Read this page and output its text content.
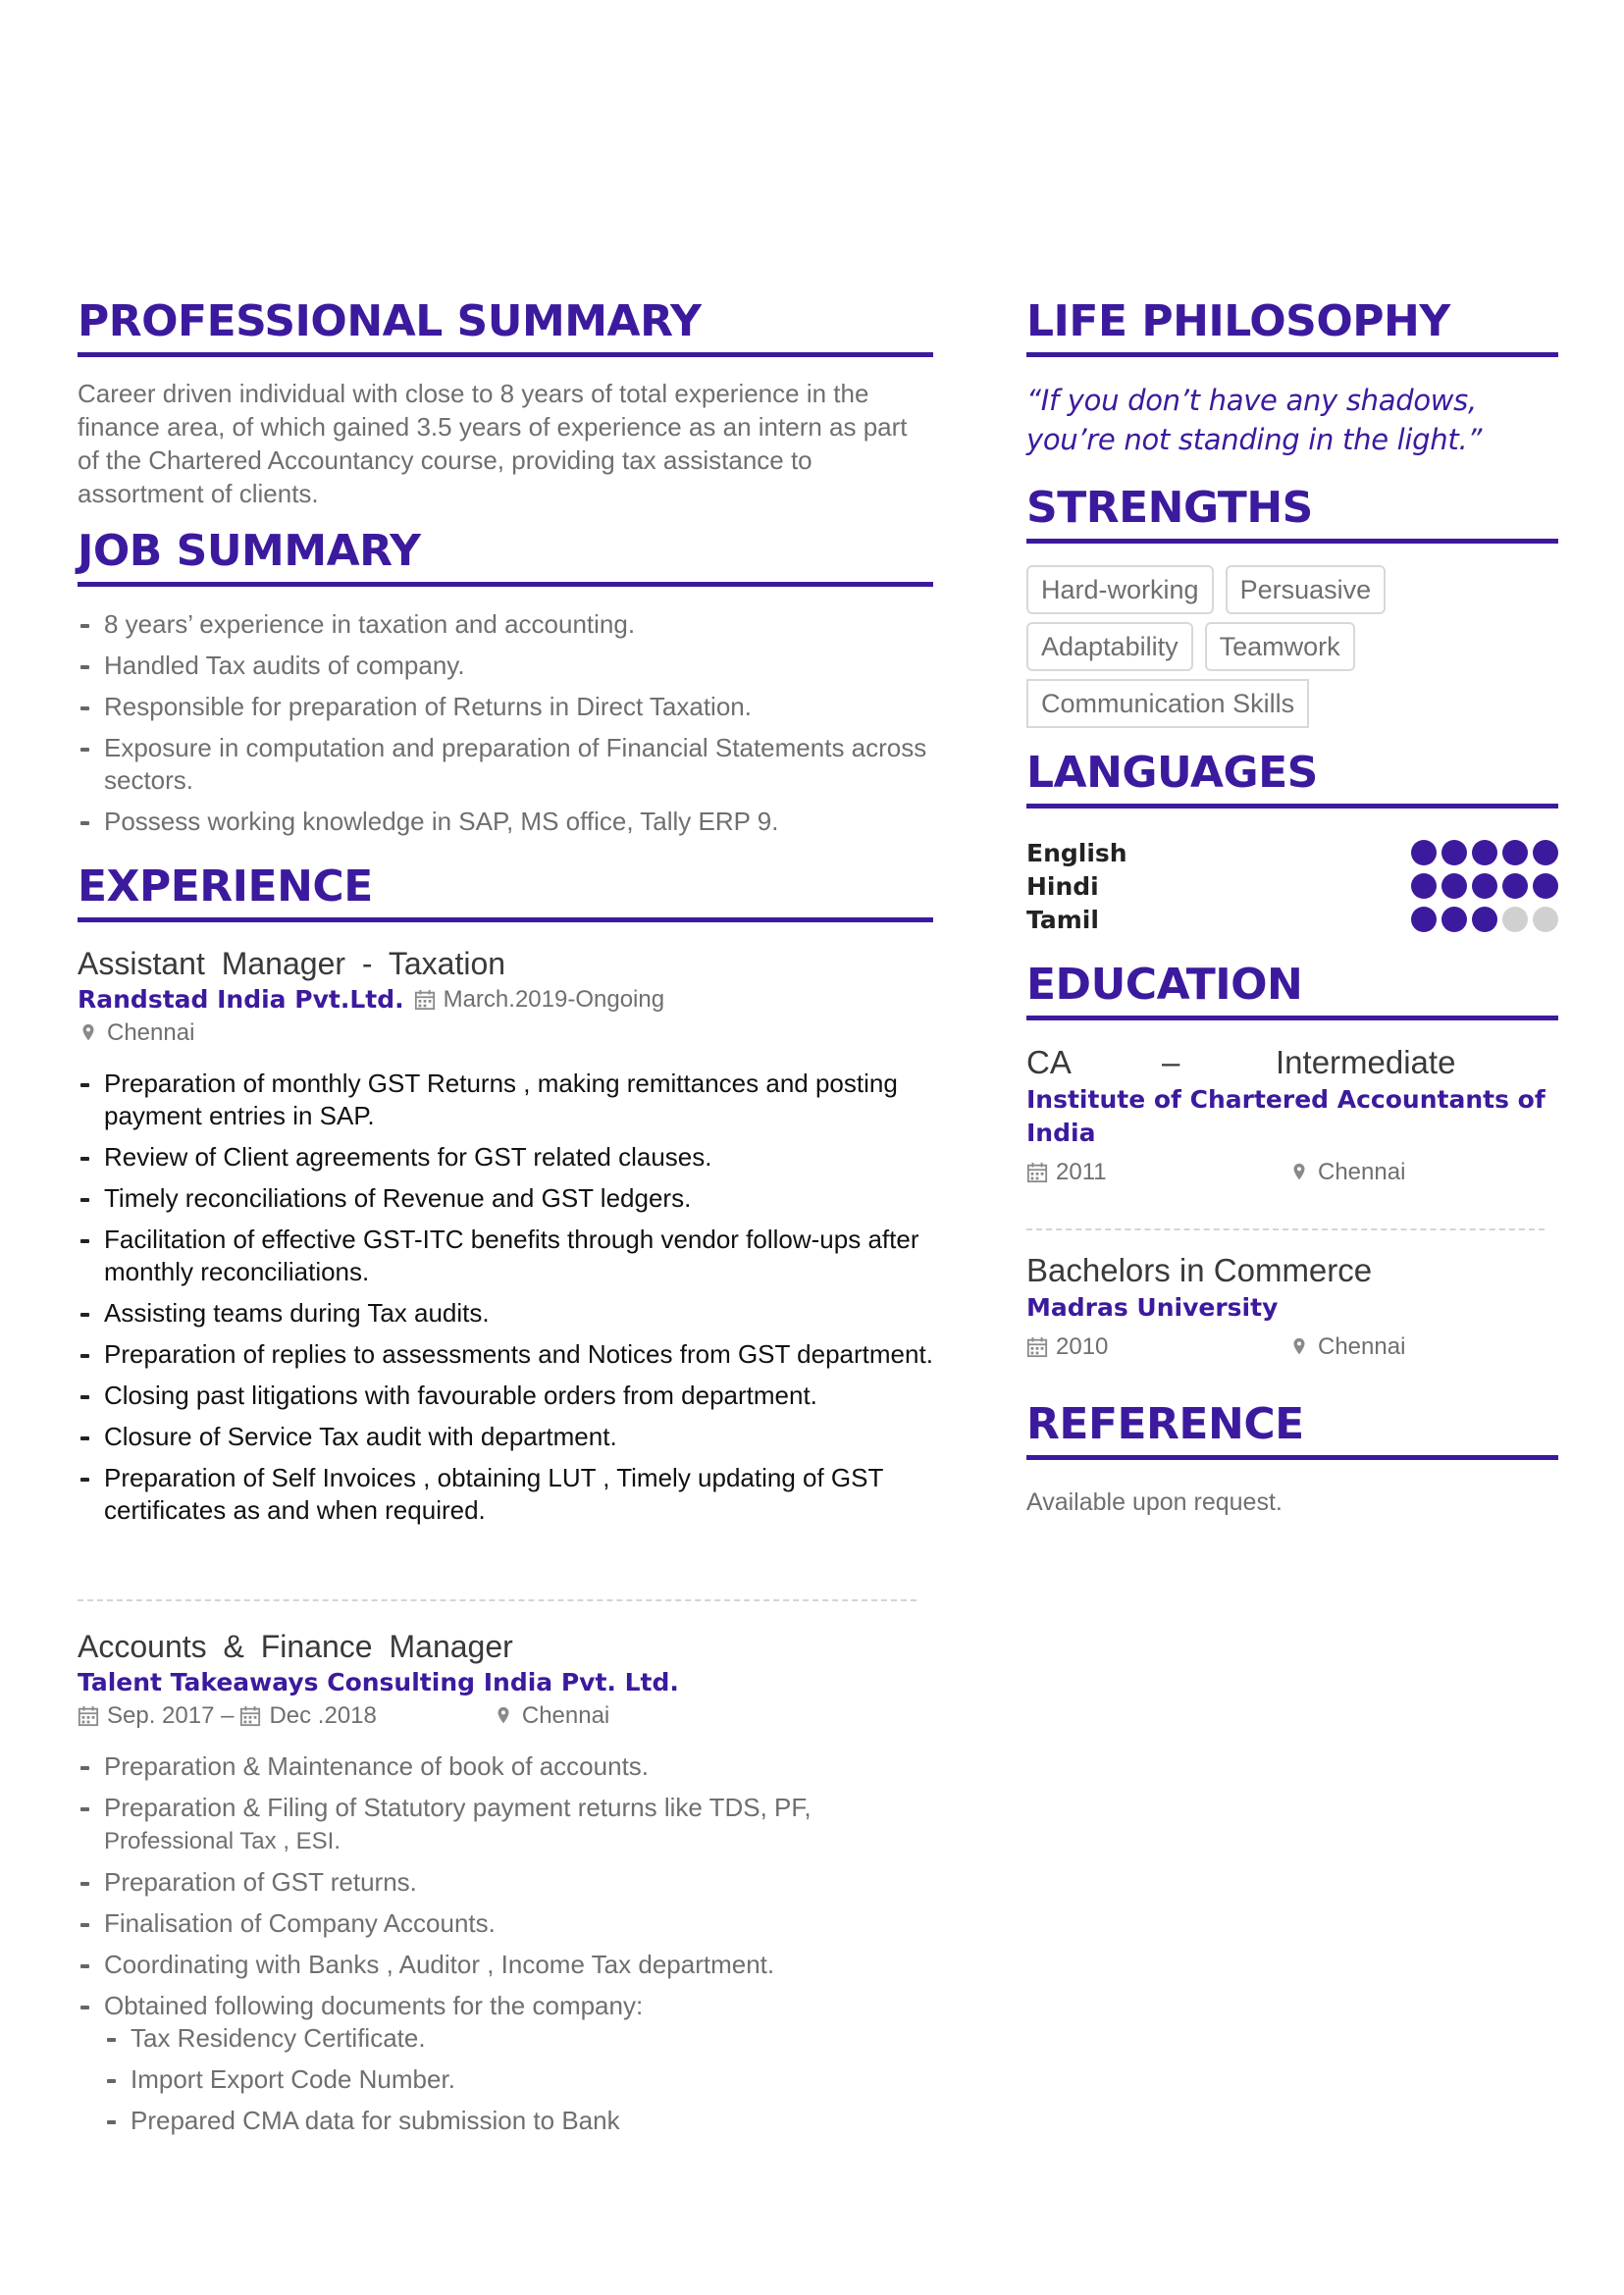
PROFESSIONAL SUMMARY
Career driven individual with close to 8 years of total experience in the finance area, of which gained 3.5 years of experience as an intern as part of the Chartered Accountancy course, providing tax assistance to assortment of clients.
JOB SUMMARY
8 years’ experience in taxation and accounting.
Handled Tax audits of company.
Responsible for preparation of Returns in Direct Taxation.
Exposure in computation and preparation of Financial Statements across sectors.
Possess working knowledge in SAP, MS office, Tally ERP 9.
EXPERIENCE
Assistant Manager - Taxation
Randstad India Pvt.Ltd. March.2019-Ongoing
Chennai
Preparation of monthly GST Returns , making remittances and posting payment entries in SAP.
Review of Client agreements for GST related clauses.
Timely reconciliations of Revenue and GST ledgers.
Facilitation of effective GST-ITC benefits through vendor follow-ups after monthly reconciliations.
Assisting teams during Tax audits.
Preparation of replies to assessments and Notices from GST department.
Closing past litigations with favourable orders from department.
Closure of Service Tax audit with department.
Preparation of Self Invoices , obtaining LUT , Timely updating of GST certificates as and when required.
Accounts & Finance Manager
Talent Takeaways Consulting India Pvt. Ltd.
Sep. 2017 – Dec .2018	Chennai
Preparation & Maintenance of book of accounts.
Preparation & Filing of Statutory payment returns like TDS, PF,
Professional Tax , ESI.
Preparation of GST returns.
Finalisation of Company Accounts.
Coordinating with Banks , Auditor , Income Tax department.
Obtained following documents for the company:
Tax Residency Certificate.
Import Export Code Number.
Prepared CMA data for submission to Bank
LIFE PHILOSOPHY
“If you don’t have any shadows, you’re not standing in the light.”
STRENGTHS
Hard-working	Persuasive
Adaptability	Teamwork
Communication Skills
LANGUAGES
English
Hindi
Tamil
EDUCATION
CA	–	Intermediate
Institute of Chartered Accountants of India
2011	Chennai
Bachelors in Commerce
Madras University
2010	Chennai
REFERENCE
Available upon request.
